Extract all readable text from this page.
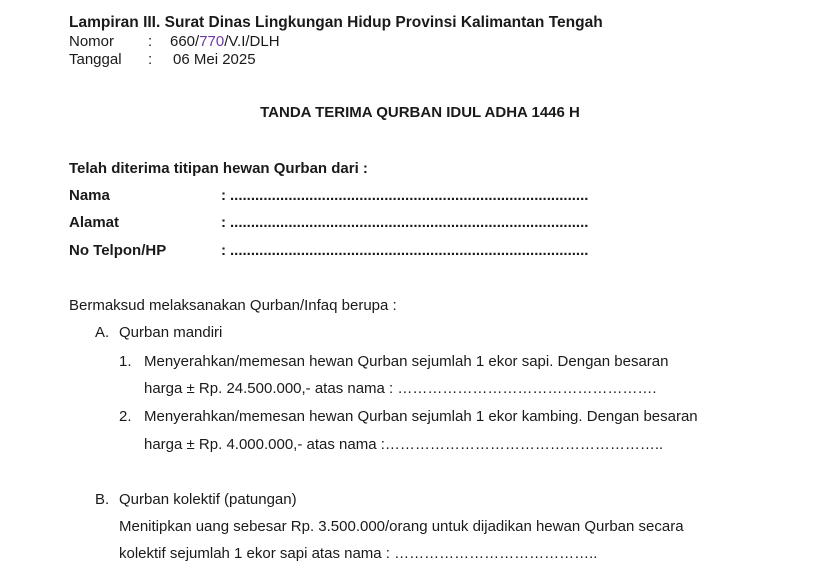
Lampiran III. Surat Dinas Lingkungan Hidup Provinsi Kalimantan Tengah
Nomor : 660/770/V.I/DLH
Tanggal : 06 Mei 2025
TANDA TERIMA QURBAN IDUL ADHA 1446 H
Telah diterima titipan hewan Qurban dari :
Nama	: ......................................................................................
Alamat	: ......................................................................................
No Telpon/HP	: ......................................................................................
Bermaksud melaksanakan Qurban/Infaq berupa :
A. Qurban mandiri
1. Menyerahkan/memesan hewan Qurban sejumlah 1 ekor sapi. Dengan besaran
harga ± Rp. 24.500.000,- atas nama : …………………………………………….
2. Menyerahkan/memesan hewan Qurban sejumlah 1 ekor kambing. Dengan besaran
harga ± Rp. 4.000.000,- atas nama :………………………………………………..
B. Qurban kolektif (patungan)
Menitipkan uang sebesar Rp. 3.500.000/orang untuk dijadikan hewan Qurban secara
kolektif sejumlah 1 ekor sapi atas nama : …………………………………..
